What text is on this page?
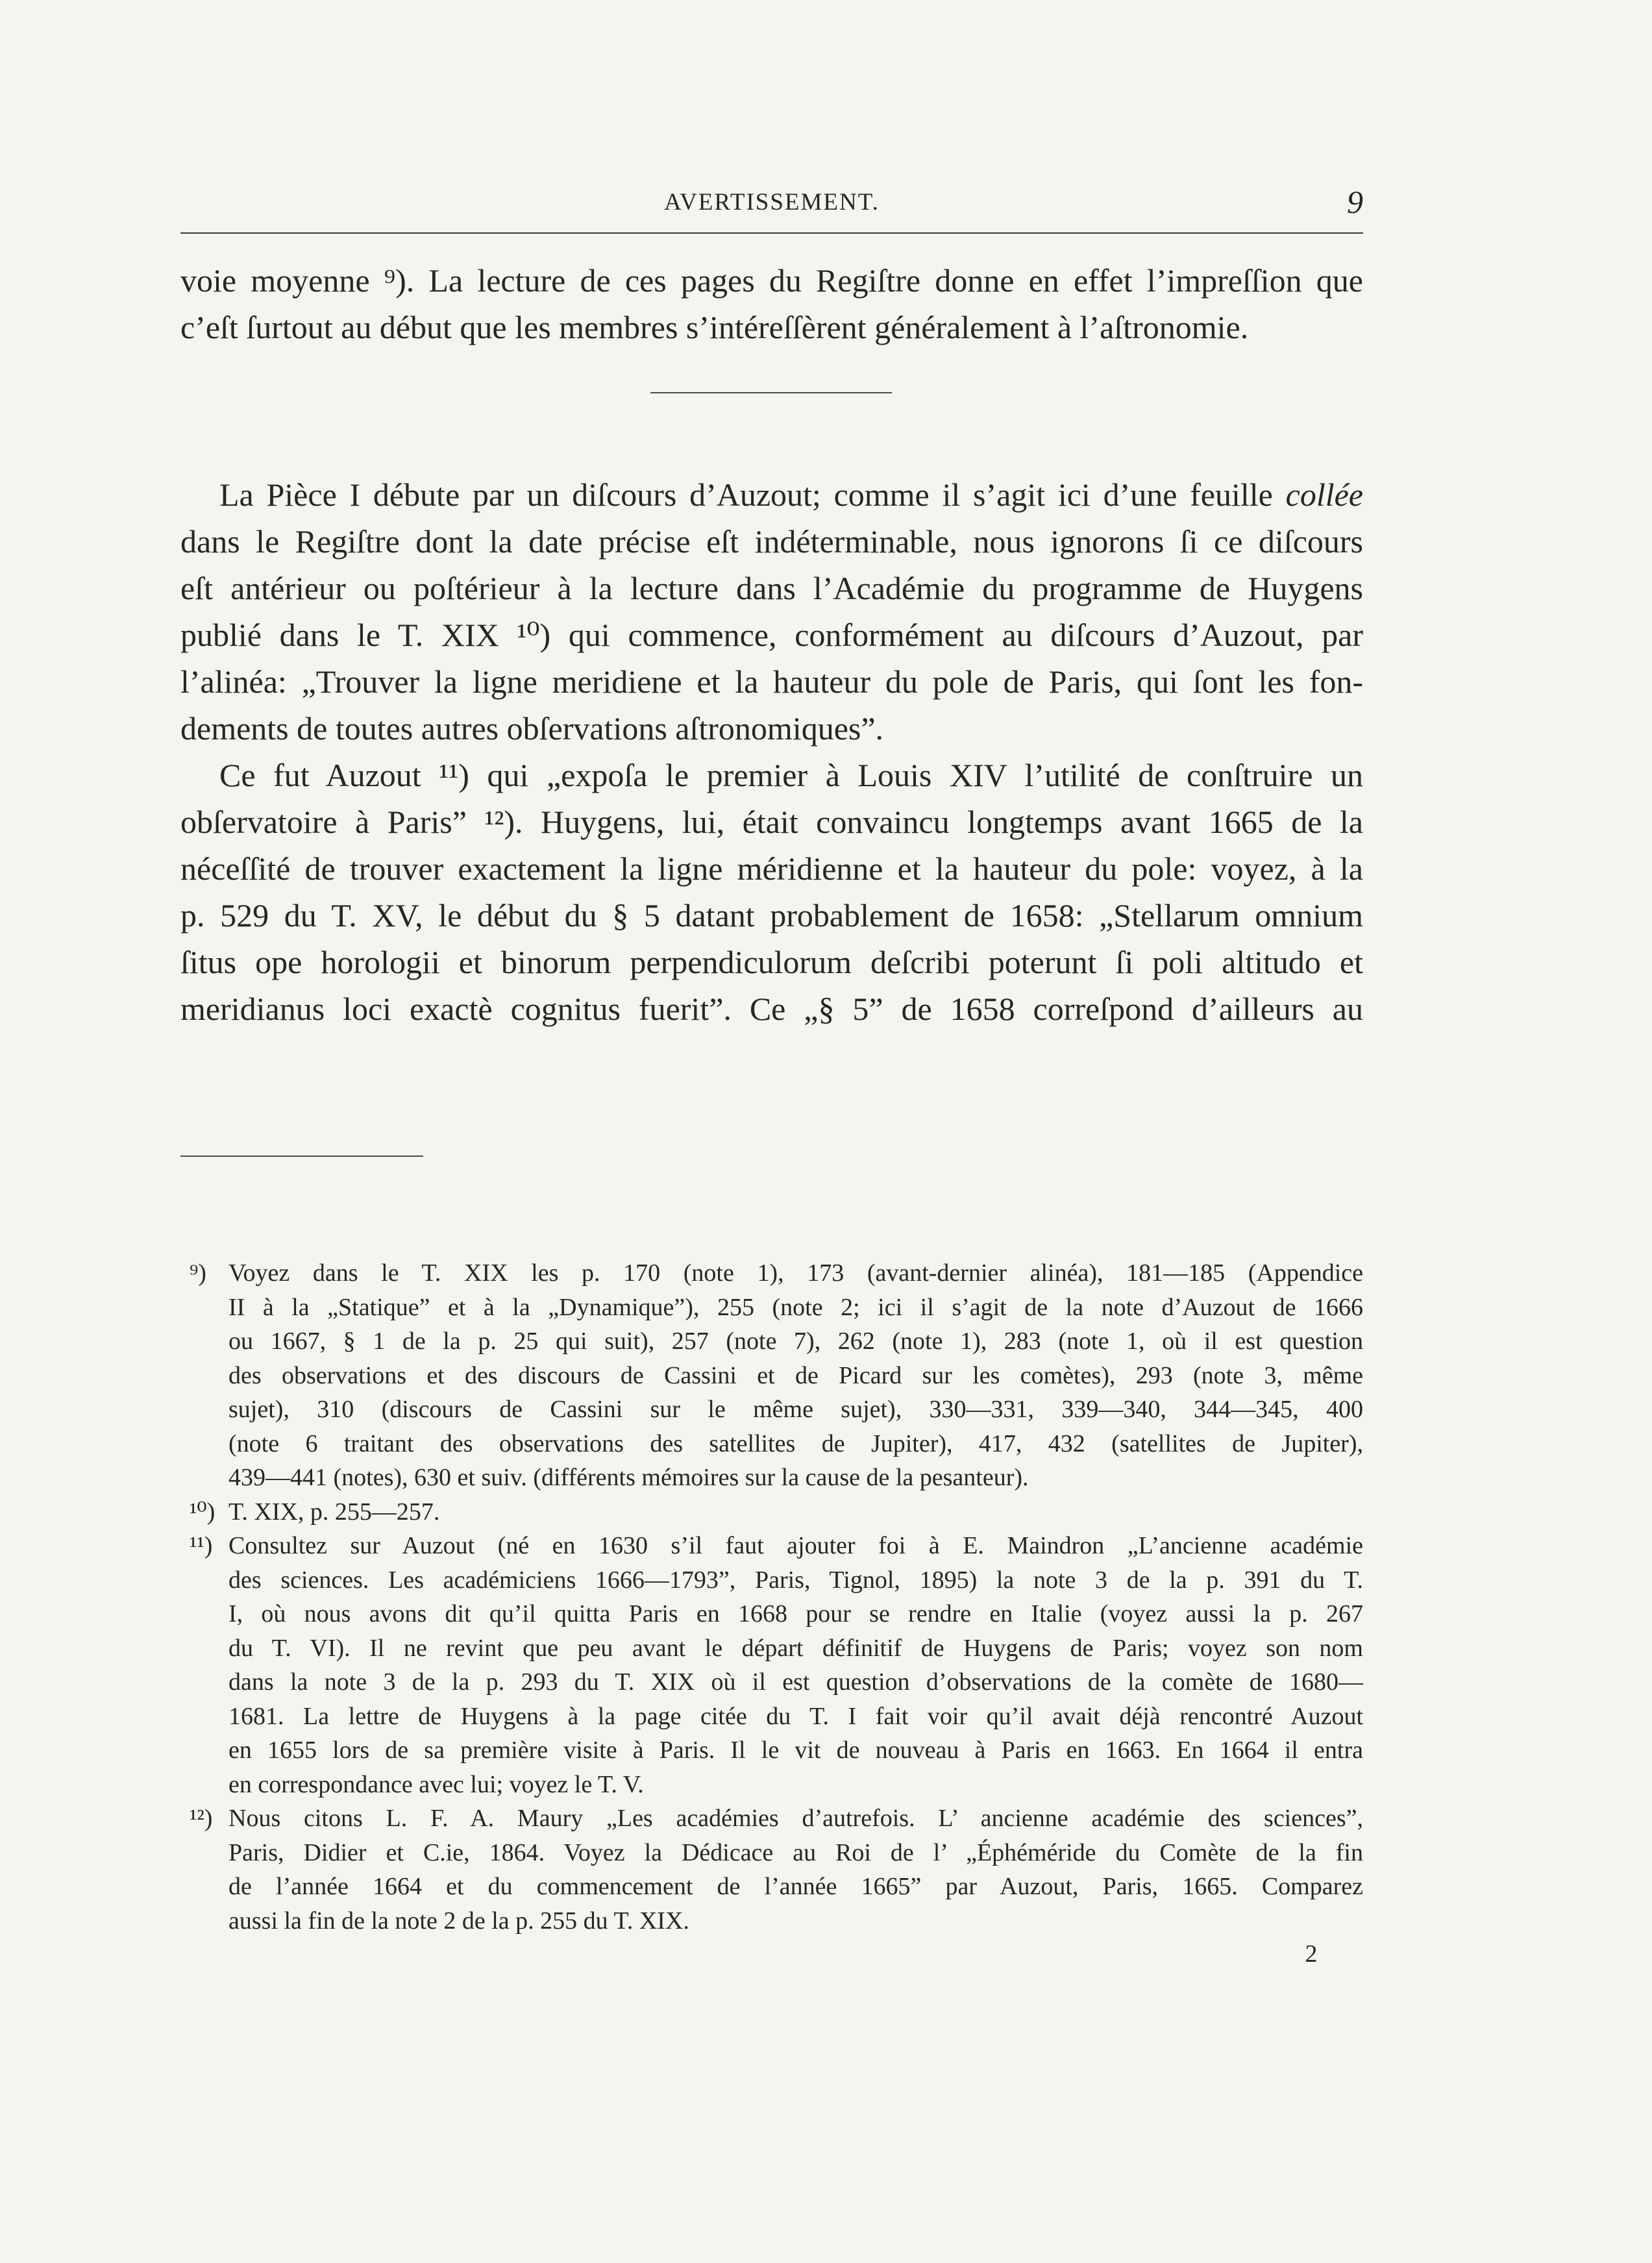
AVERTISSEMENT.	9
voie moyenne ⁹). La lecture de ces pages du Regiſtre donne en effet l’impreſſion que
c’eſt ſurtout au début que les membres s’intéreſſèrent généralement à l’aſtronomie.

La Pièce I débute par un diſcours d’Auzout; comme il s’agit ici d’une feuille collée
dans le Regiſtre dont la date précise eſt indéterminable, nous ignorons ſi ce diſcours
eſt antérieur ou poſtérieur à la lecture dans l’Académie du programme de Huygens
publié dans le T. XIX ¹⁰) qui commence, conformément au diſcours d’Auzout, par
l’alinéa: „Trouver la ligne meridiene et la hauteur du pole de Paris, qui ſont les fon-
dements de toutes autres obſervations aſtronomiques”.

Ce fut Auzout ¹¹) qui „expoſa le premier à Louis XIV l’utilité de conſtruire un
obſervatoire à Paris” ¹²). Huygens, lui, était convaincu longtemps avant 1665 de la
néceſſité de trouver exactement la ligne méridienne et la hauteur du pole: voyez, à la
p. 529 du T. XV, le début du § 5 datant probablement de 1658: „Stellarum omnium
ſitus ope horologii et binorum perpendiculorum deſcribi poterunt ſi poli altitudo et
meridianus loci exactè cognitus fuerit”. Ce „§ 5” de 1658 correſpond d’ailleurs au

⁹) Voyez dans le T. XIX les p. 170 (note 1), 173 (avant-dernier alinéa), 181—185 (Appendice
II à la „Statique” et à la „Dynamique”), 255 (note 2; ici il s’agit de la note d’Auzout de 1666
ou 1667, § 1 de la p. 25 qui suit), 257 (note 7), 262 (note 1), 283 (note 1, où il est question
des observations et des discours de Cassini et de Picard sur les comètes), 293 (note 3, même
sujet), 310 (discours de Cassini sur le même sujet), 330—331, 339—340, 344—345, 400
(note 6 traitant des observations des satellites de Jupiter), 417, 432 (satellites de Jupiter),
439—441 (notes), 630 et suiv. (différents mémoires sur la cause de la pesanteur).
¹⁰) T. XIX, p. 255—257.
¹¹) Consultez sur Auzout (né en 1630 s’il faut ajouter foi à E. Maindron „L’ancienne académie
des sciences. Les académiciens 1666—1793”, Paris, Tignol, 1895) la note 3 de la p. 391 du T.
I, où nous avons dit qu’il quitta Paris en 1668 pour se rendre en Italie (voyez aussi la p. 267
du T. VI). Il ne revint que peu avant le départ définitif de Huygens de Paris; voyez son nom
dans la note 3 de la p. 293 du T. XIX où il est question d’observations de la comète de 1680—
1681. La lettre de Huygens à la page citée du T. I fait voir qu’il avait déjà rencontré Auzout
en 1655 lors de sa première visite à Paris. Il le vit de nouveau à Paris en 1663. En 1664 il entra
en correspondance avec lui; voyez le T. V.
¹²) Nous citons L. F. A. Maury „Les académies d’autrefois. L’ ancienne académie des sciences”,
Paris, Didier et C.ie, 1864. Voyez la Dédicace au Roi de l’ „Éphéméride du Comète de la fin
de l’année 1664 et du commencement de l’année 1665” par Auzout, Paris, 1665. Comparez
aussi la fin de la note 2 de la p. 255 du T. XIX.
2
